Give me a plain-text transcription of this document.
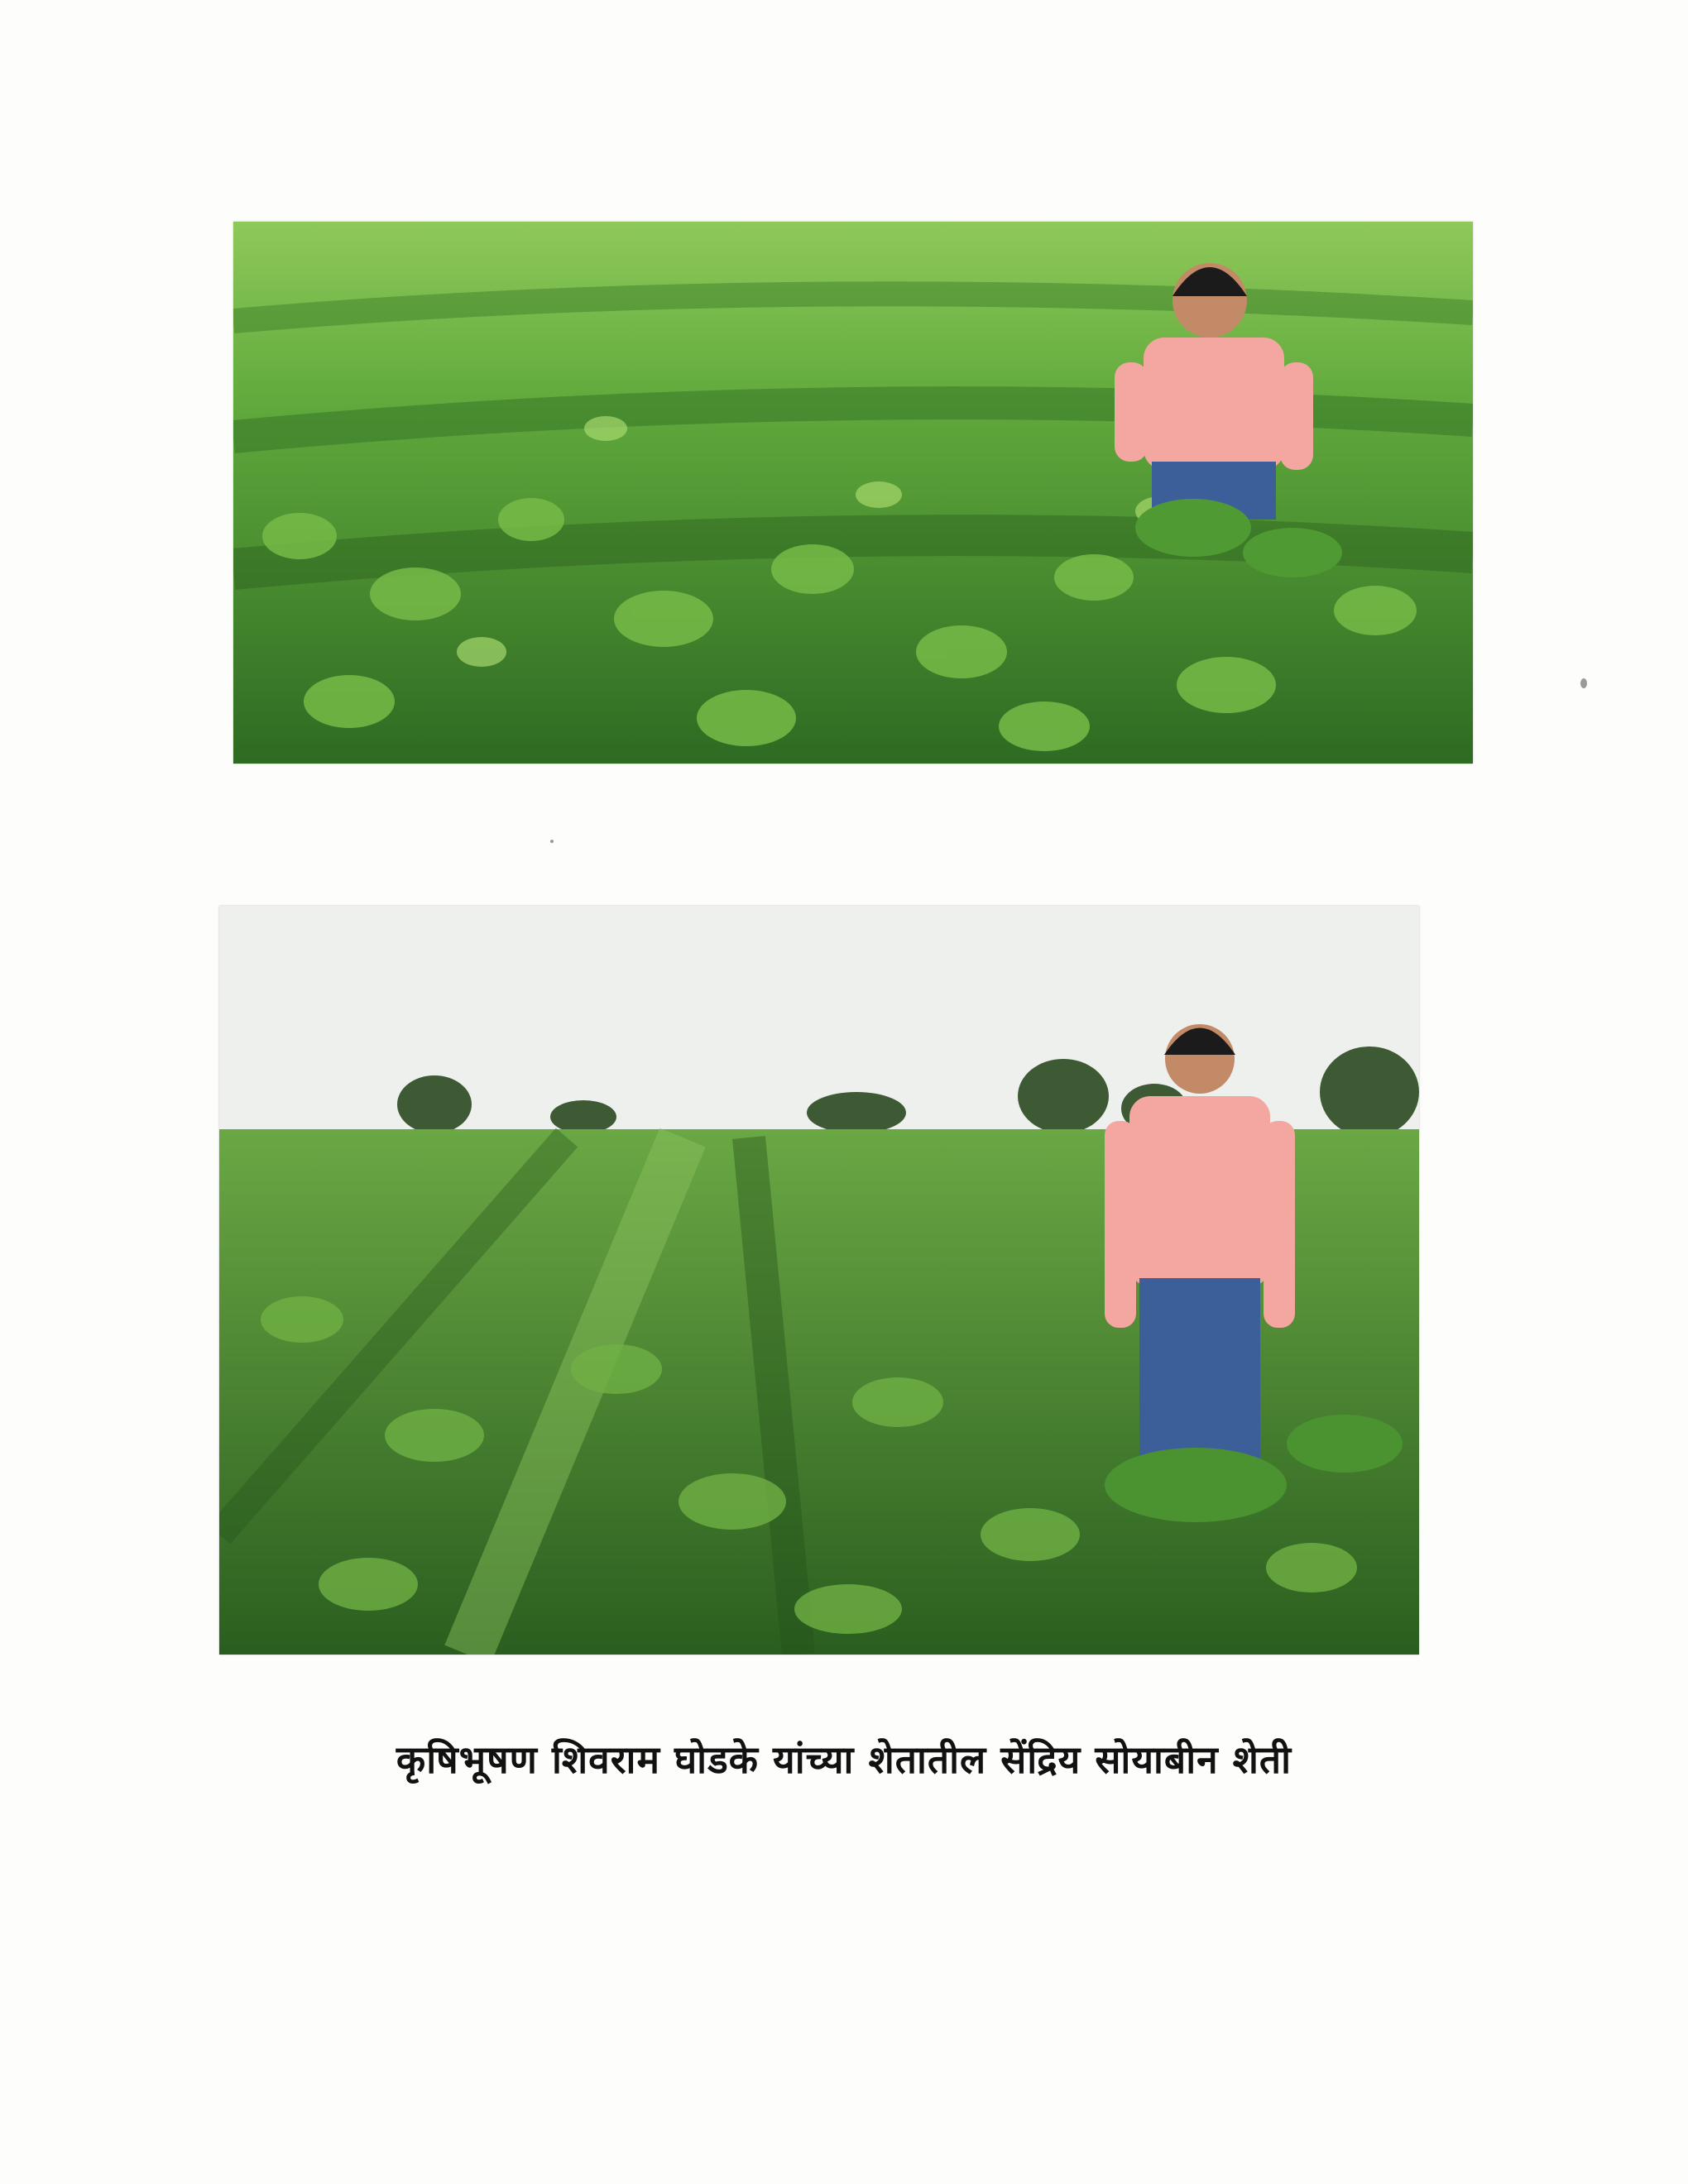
कृषिभूषण शिवराम घोडके यांच्या शेतातील सेंद्रिय सोयाबीन शेती
